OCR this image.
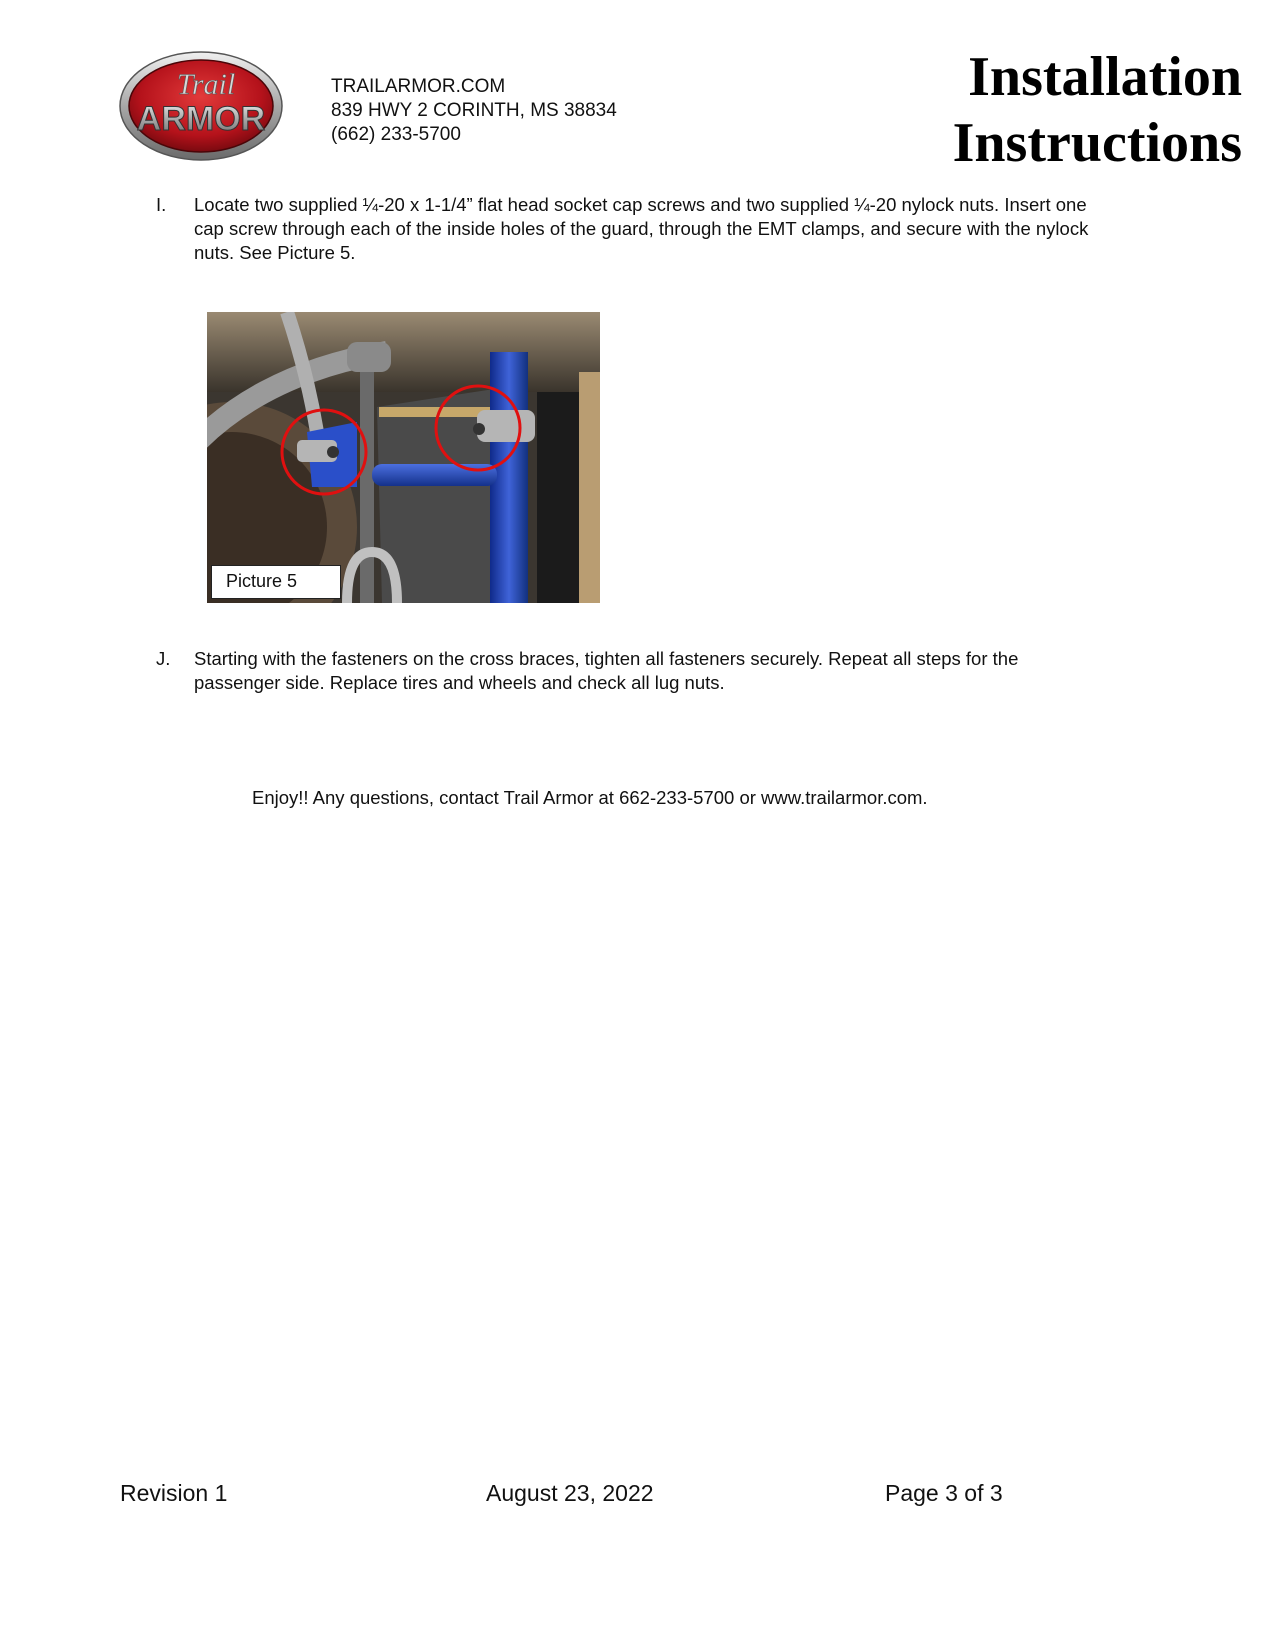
Trail
ARMOR
TRAILARMOR.COM
839 HWY 2 CORINTH, MS 38834
(662) 233-5700
Installation
Instructions
I. Locate two supplied ¼-20 x 1-1/4” flat head socket cap screws and two supplied ¼-20 nylock nuts. Insert one cap screw through each of the inside holes of the guard, through the EMT clamps, and secure with the nylock nuts. See Picture 5.
Picture 5
J. Starting with the fasteners on the cross braces, tighten all fasteners securely. Repeat all steps for the passenger side. Replace tires and wheels and check all lug nuts.
Enjoy!! Any questions, contact Trail Armor at 662-233-5700 or www.trailarmor.com.
Revision 1	August 23, 2022	Page 3 of 3
